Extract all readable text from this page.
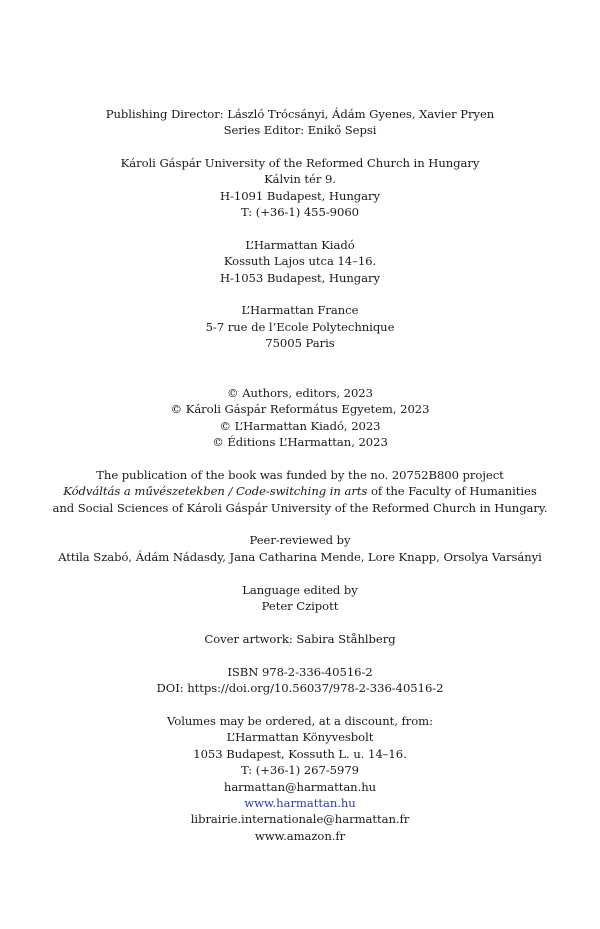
Publishing Director: László Trócsányi, Ádám Gyenes, Xavier Pryen
Series Editor: Enikő Sepsi
Károli Gáspár University of the Reformed Church in Hungary
Kálvin tér 9.
H-1091 Budapest, Hungary
T: (+36-1) 455-9060
L’Harmattan Kiadó
Kossuth Lajos utca 14–16.
H-1053 Budapest, Hungary
L’Harmattan France
5-7 rue de l’Ecole Polytechnique
75005 Paris
© Authors, editors, 2023
© Károli Gáspár Református Egyetem, 2023
© L’Harmattan Kiadó, 2023
© Éditions L’Harmattan, 2023
The publication of the book was funded by the no. 20752B800 project
Kódváltás a művészetekben / Code-switching in arts of the Faculty of Humanities
and Social Sciences of Károli Gáspár University of the Reformed Church in Hungary.
Peer-reviewed by
Attila Szabó, Ádám Nádasdy, Jana Catharina Mende, Lore Knapp, Orsolya Varsányi
Language edited by
Peter Czipott
Cover artwork: Sabira Ståhlberg
ISBN 978-2-336-40516-2
DOI: https://doi.org/10.56037/978-2-336-40516-2
Volumes may be ordered, at a discount, from:
L’Harmattan Könyvesbolt
1053 Budapest, Kossuth L. u. 14–16.
T: (+36-1) 267-5979
harmattan@harmattan.hu
www.harmattan.hu
librairie.internationale@harmattan.fr
www.amazon.fr
